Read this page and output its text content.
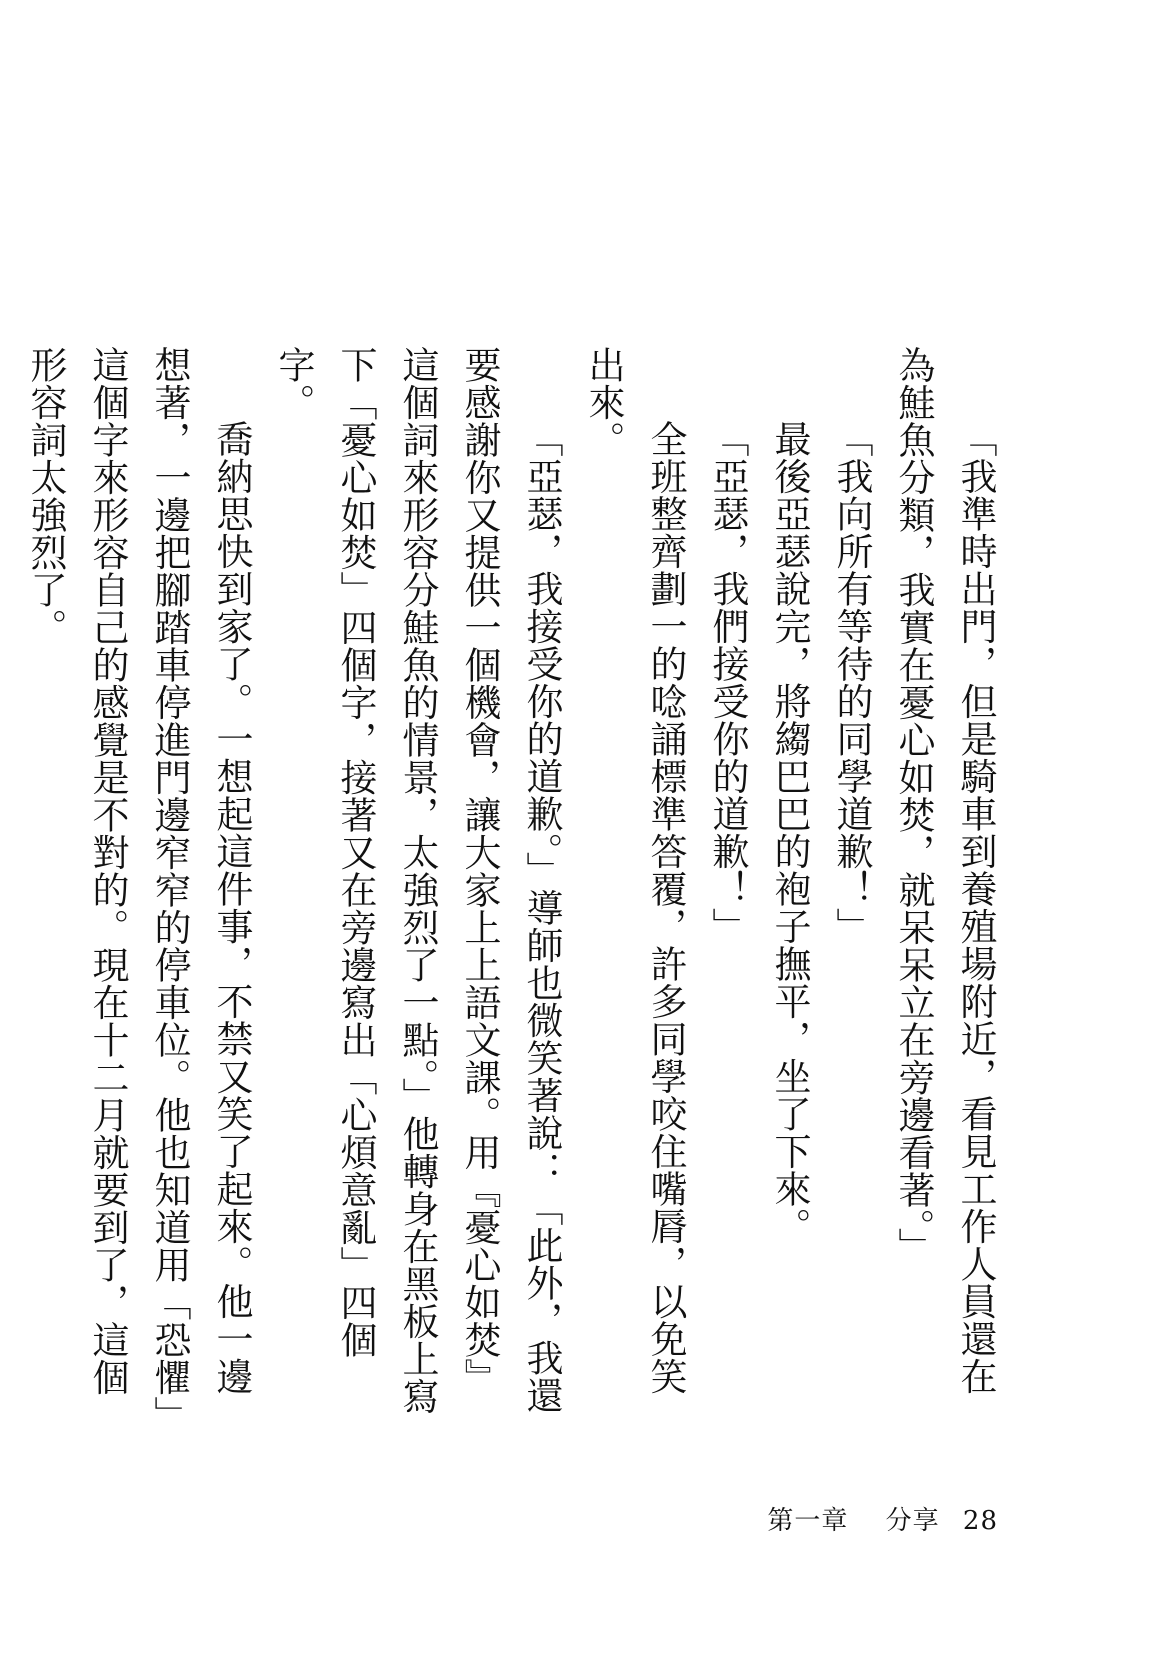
「我準時出門，但是騎車到養殖場附近，看見工作人員還在為鮭魚分類，我實在憂心如焚，就呆呆立在旁邊看著。」

「我向所有等待的同學道歉！」

最後亞瑟說完，將縐巴巴的袍子撫平，坐了下來。

「亞瑟，我們接受你的道歉！」

全班整齊劃一的唸誦標準答覆，許多同學咬住嘴脣，以免笑出來。

「亞瑟，我接受你的道歉。」導師也微笑著說：「此外，我還要感謝你又提供一個機會，讓大家上上語文課。用『憂心如焚』這個詞來形容分鮭魚的情景，太強烈了一點。」他轉身在黑板上寫下「憂心如焚」四個字，接著又在旁邊寫出「心煩意亂」四個字。

喬納思快到家了。一想起這件事，不禁又笑了起來。他一邊想著，一邊把腳踏車停進門邊窄窄的停車位。他也知道用「恐懼」這個字來形容自己的感覺是不對的。現在十二月就要到了，這個形容詞太強烈了。

第一章 分享 28
